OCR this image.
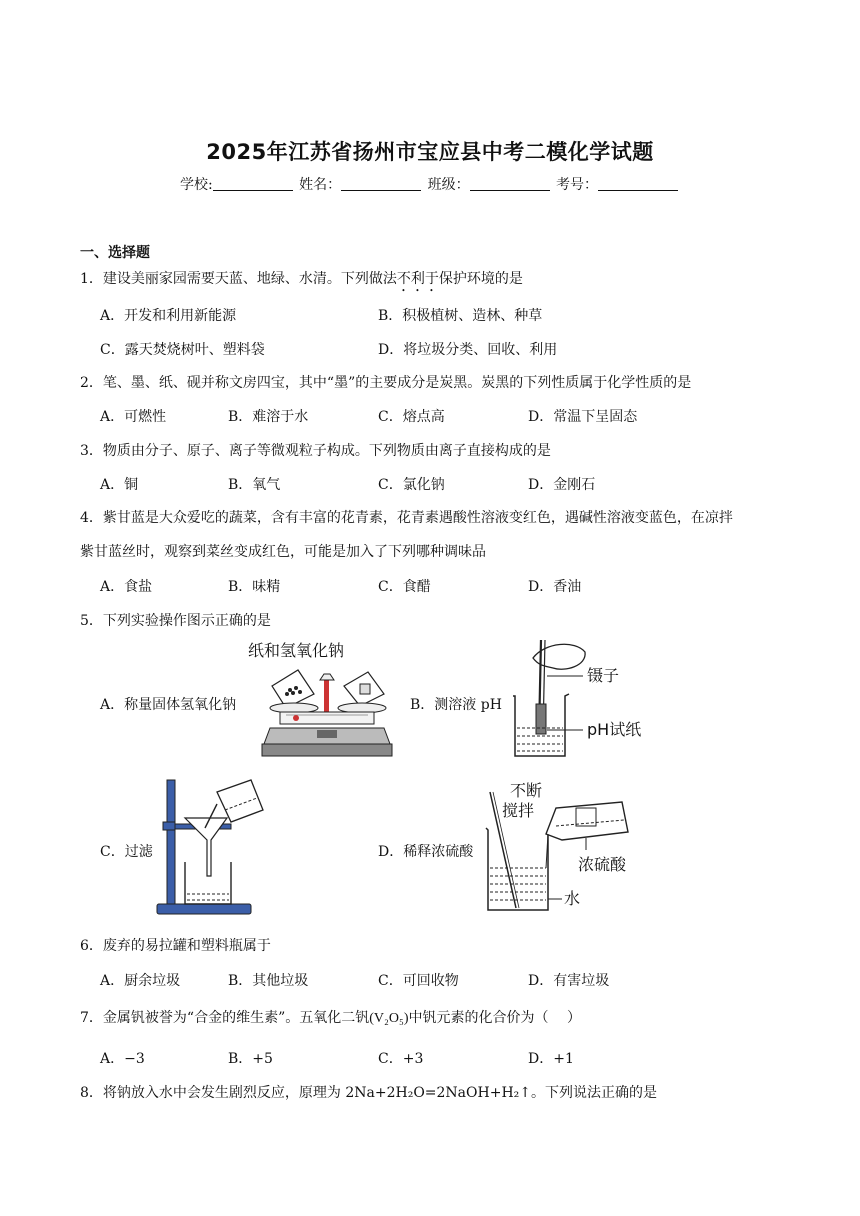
2025年江苏省扬州市宝应县中考二模化学试题
学校:	姓名：	班级：	考号：
一、选择题
1．建设美丽家园需要天蓝、地绿、水清。下列做法不利于保护环境的是
A．开发和利用新能源	B．积极植树、造林、种草
C．露天焚烧树叶、塑料袋	D．将垃圾分类、回收、利用
2．笔、墨、纸、砚并称文房四宝，其中“墨”的主要成分是炭黑。炭黑的下列性质属于化学性质的是
A．可燃性	B．难溶于水	C．熔点高	D．常温下呈固态
3．物质由分子、原子、离子等微观粒子构成。下列物质由离子直接构成的是
A．铜	B．氧气	C．氯化钠	D．金刚石
4．紫甘蓝是大众爱吃的蔬菜，含有丰富的花青素，花青素遇酸性溶液变红色，遇碱性溶液变蓝色，在凉拌
紫甘蓝丝时，观察到菜丝变成红色，可能是加入了下列哪种调味品
A．食盐	B．味精	C．食醋	D．香油
5．下列实验操作图示正确的是
A．称量固体氢氧化钠
纸和氢氧化钠
B．测溶液 pH
镊子
pH试纸
C．过滤	D．稀释浓硫酸
不断
搅拌
浓硫酸
水
6．废弃的易拉罐和塑料瓶属于
A．厨余垃圾	B．其他垃圾	C．可回收物	D．有害垃圾
7．金属钒被誉为“合金的维生素”。五氧化二钒(V₂O₅)中钒元素的化合价为（　 ）
A．−3	B．+5	C．+3	D．+1
8．将钠放入水中会发生剧烈反应，原理为 2Na+2H₂O=2NaOH+H₂↑。下列说法正确的是
